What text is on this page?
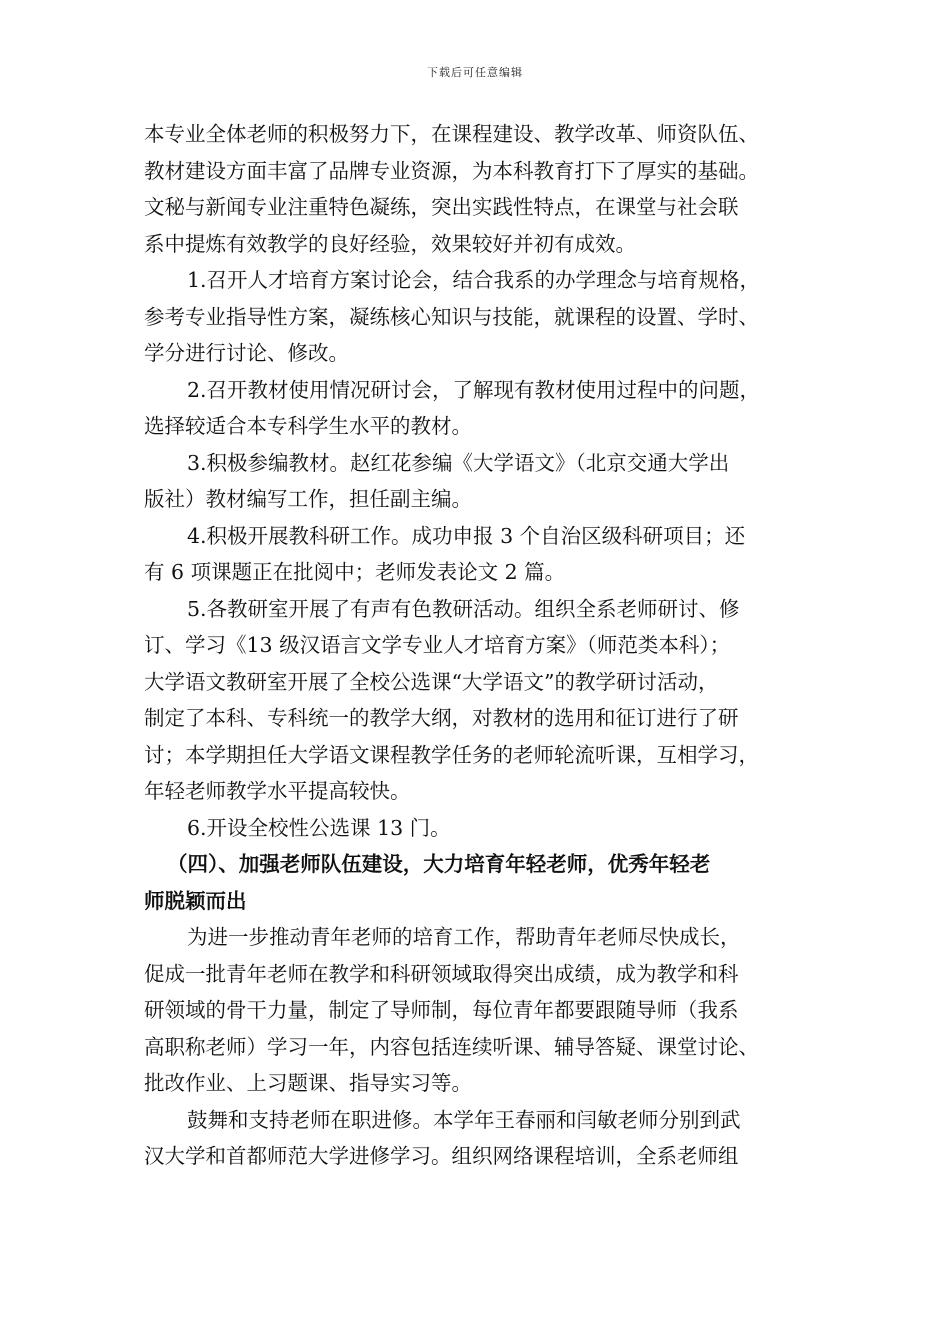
下载后可任意编辑
本专业全体老师的积极努力下，在课程建设、教学改革、师资队伍、
教材建设方面丰富了品牌专业资源，为本科教育打下了厚实的基础。
文秘与新闻专业注重特色凝练，突出实践性特点，在课堂与社会联
系中提炼有效教学的良好经验，效果较好并初有成效。
1.召开人才培育方案讨论会，结合我系的办学理念与培育规格，
参考专业指导性方案，凝练核心知识与技能，就课程的设置、学时、
学分进行讨论、修改。
2.召开教材使用情况研讨会，了解现有教材使用过程中的问题，
选择较适合本专科学生水平的教材。
3.积极参编教材。赵红花参编《大学语文》（北京交通大学出
版社）教材编写工作，担任副主编。
4.积极开展教科研工作。成功申报 3 个自治区级科研项目；还
有 6 项课题正在批阅中；老师发表论文 2 篇。
5.各教研室开展了有声有色教研活动。组织全系老师研讨、修
订、学习《13 级汉语言文学专业人才培育方案》（师范类本科）；
大学语文教研室开展了全校公选课“大学语文”的教学研讨活动，
制定了本科、专科统一的教学大纲，对教材的选用和征订进行了研
讨；本学期担任大学语文课程教学任务的老师轮流听课，互相学习，
年轻老师教学水平提高较快。
6.开设全校性公选课 13 门。
（四）、加强老师队伍建设，大力培育年轻老师，优秀年轻老
师脱颖而出
为进一步推动青年老师的培育工作，帮助青年老师尽快成长，
促成一批青年老师在教学和科研领域取得突出成绩，成为教学和科
研领域的骨干力量，制定了导师制，每位青年都要跟随导师（我系
高职称老师）学习一年，内容包括连续听课、辅导答疑、课堂讨论、
批改作业、上习题课、指导实习等。
鼓舞和支持老师在职进修。本学年王春丽和闫敏老师分别到武
汉大学和首都师范大学进修学习。组织网络课程培训，全系老师组
